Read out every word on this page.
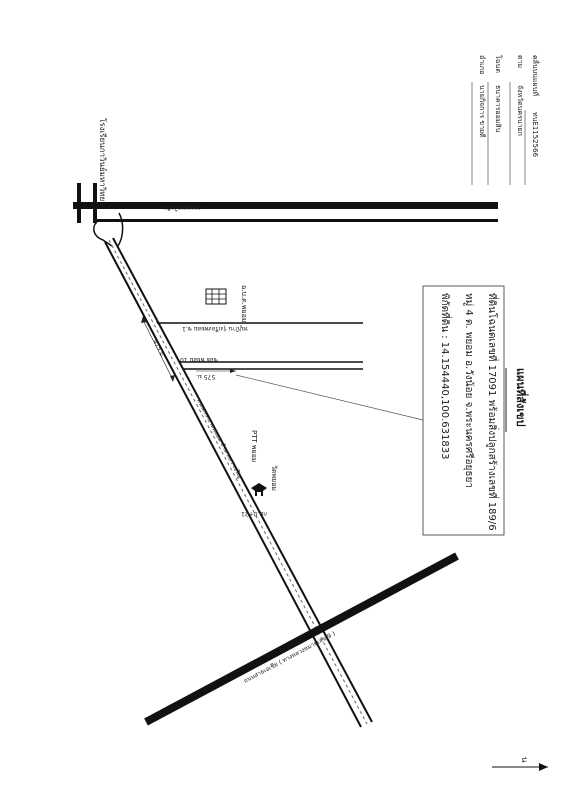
คลื่นบนแผนที่
ทนE1152566
ตาม
จังหวัดนครนายก
โฉนด
ธนาคารออมสิน
อำเภอ
นายกิจการ ขายดี
แผนที่สังเขป
ที่ดินโฉนดเลขที่ 17091 พร้อมสิ่งปลูกสร้างเลขที่ 189/6
หมู่ 4 ต. พยอม อ.วังน้อย จ.พระนครศรีอยุธยา
พิกัดที่ดิน : 14.154440,100.631833
ถนนพหลโยธิน
โรงเรียนกาวินย์มหาวิทยา
ถนนเทศบาลพยอม-ลำตาเสา-เจริญ
หมู่บ้าน รุ่งเรืองพยอม ซ.1
ซอย พยอม 10
575 ม.
415 ม.
อ.บ.ต.พยอม
PTT พยอม
วัดพยอม
กม.0+21
ถนนสายเอเชีย ( ทางหลวงหมายเลข 9 )
น
